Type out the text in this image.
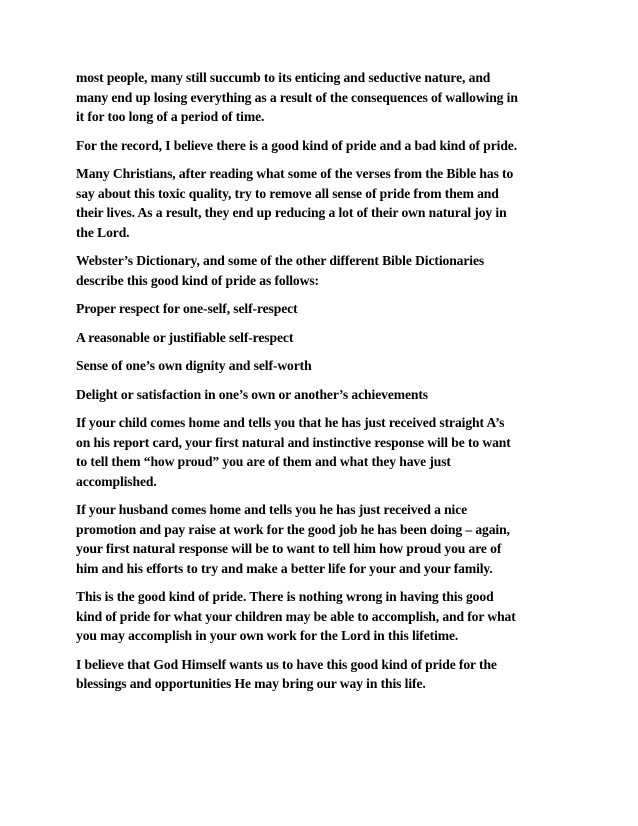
most people, many still succumb to its enticing and seductive nature, and
many end up losing everything as a result of the consequences of wallowing in
it for too long of a period of time.

For the record, I believe there is a good kind of pride and a bad kind of pride.

Many Christians, after reading what some of the verses from the Bible has to
say about this toxic quality, try to remove all sense of pride from them and
their lives. As a result, they end up reducing a lot of their own natural joy in
the Lord.

Webster’s Dictionary, and some of the other different Bible Dictionaries
describe this good kind of pride as follows:

Proper respect for one-self, self-respect

A reasonable or justifiable self-respect

Sense of one’s own dignity and self-worth

Delight or satisfaction in one’s own or another’s achievements

If your child comes home and tells you that he has just received straight A’s
on his report card, your first natural and instinctive response will be to want
to tell them “how proud” you are of them and what they have just
accomplished.

If your husband comes home and tells you he has just received a nice
promotion and pay raise at work for the good job he has been doing – again,
your first natural response will be to want to tell him how proud you are of
him and his efforts to try and make a better life for your and your family.

This is the good kind of pride. There is nothing wrong in having this good
kind of pride for what your children may be able to accomplish, and for what
you may accomplish in your own work for the Lord in this lifetime.

I believe that God Himself wants us to have this good kind of pride for the
blessings and opportunities He may bring our way in this life.
